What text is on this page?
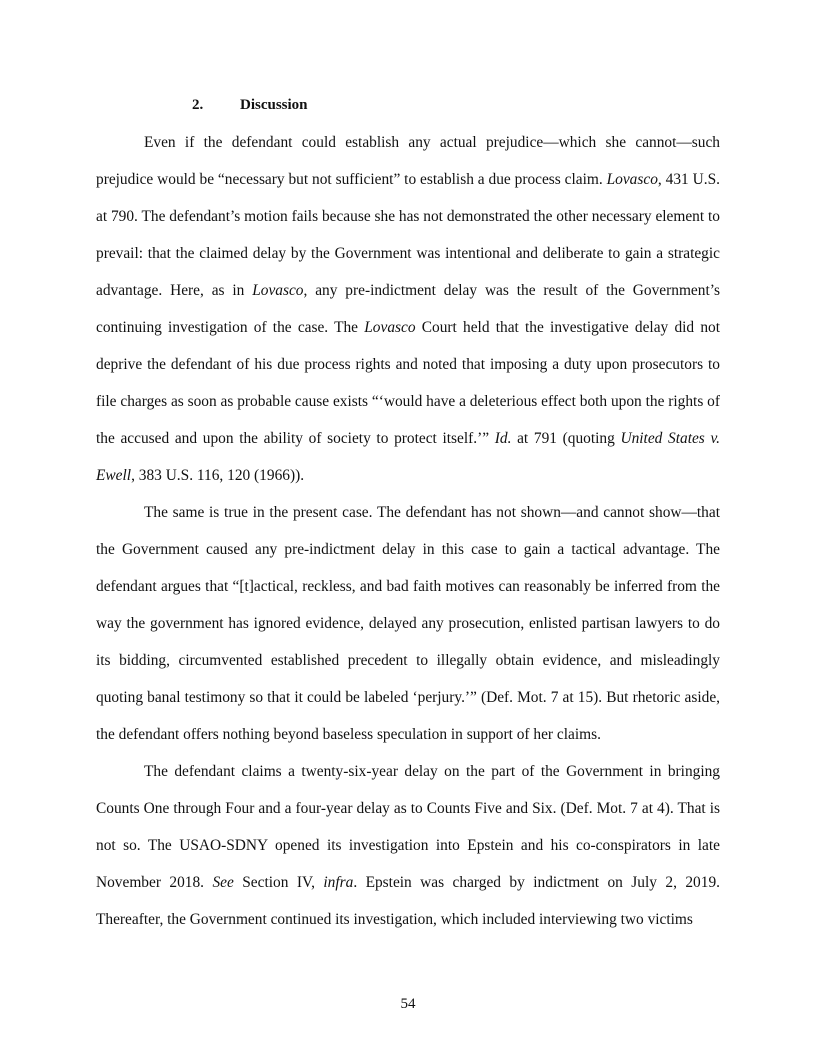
2. Discussion

Even if the defendant could establish any actual prejudice—which she cannot—such prejudice would be “necessary but not sufficient” to establish a due process claim. Lovasco, 431 U.S. at 790. The defendant’s motion fails because she has not demonstrated the other necessary element to prevail: that the claimed delay by the Government was intentional and deliberate to gain a strategic advantage. Here, as in Lovasco, any pre-indictment delay was the result of the Government’s continuing investigation of the case. The Lovasco Court held that the investigative delay did not deprive the defendant of his due process rights and noted that imposing a duty upon prosecutors to file charges as soon as probable cause exists “‘would have a deleterious effect both upon the rights of the accused and upon the ability of society to protect itself.’” Id. at 791 (quoting United States v. Ewell, 383 U.S. 116, 120 (1966)).

The same is true in the present case. The defendant has not shown—and cannot show—that the Government caused any pre-indictment delay in this case to gain a tactical advantage. The defendant argues that “[t]actical, reckless, and bad faith motives can reasonably be inferred from the way the government has ignored evidence, delayed any prosecution, enlisted partisan lawyers to do its bidding, circumvented established precedent to illegally obtain evidence, and misleadingly quoting banal testimony so that it could be labeled ‘perjury.’” (Def. Mot. 7 at 15). But rhetoric aside, the defendant offers nothing beyond baseless speculation in support of her claims.

The defendant claims a twenty-six-year delay on the part of the Government in bringing Counts One through Four and a four-year delay as to Counts Five and Six. (Def. Mot. 7 at 4). That is not so. The USAO-SDNY opened its investigation into Epstein and his co-conspirators in late November 2018. See Section IV, infra. Epstein was charged by indictment on July 2, 2019. Thereafter, the Government continued its investigation, which included interviewing two victims

54
